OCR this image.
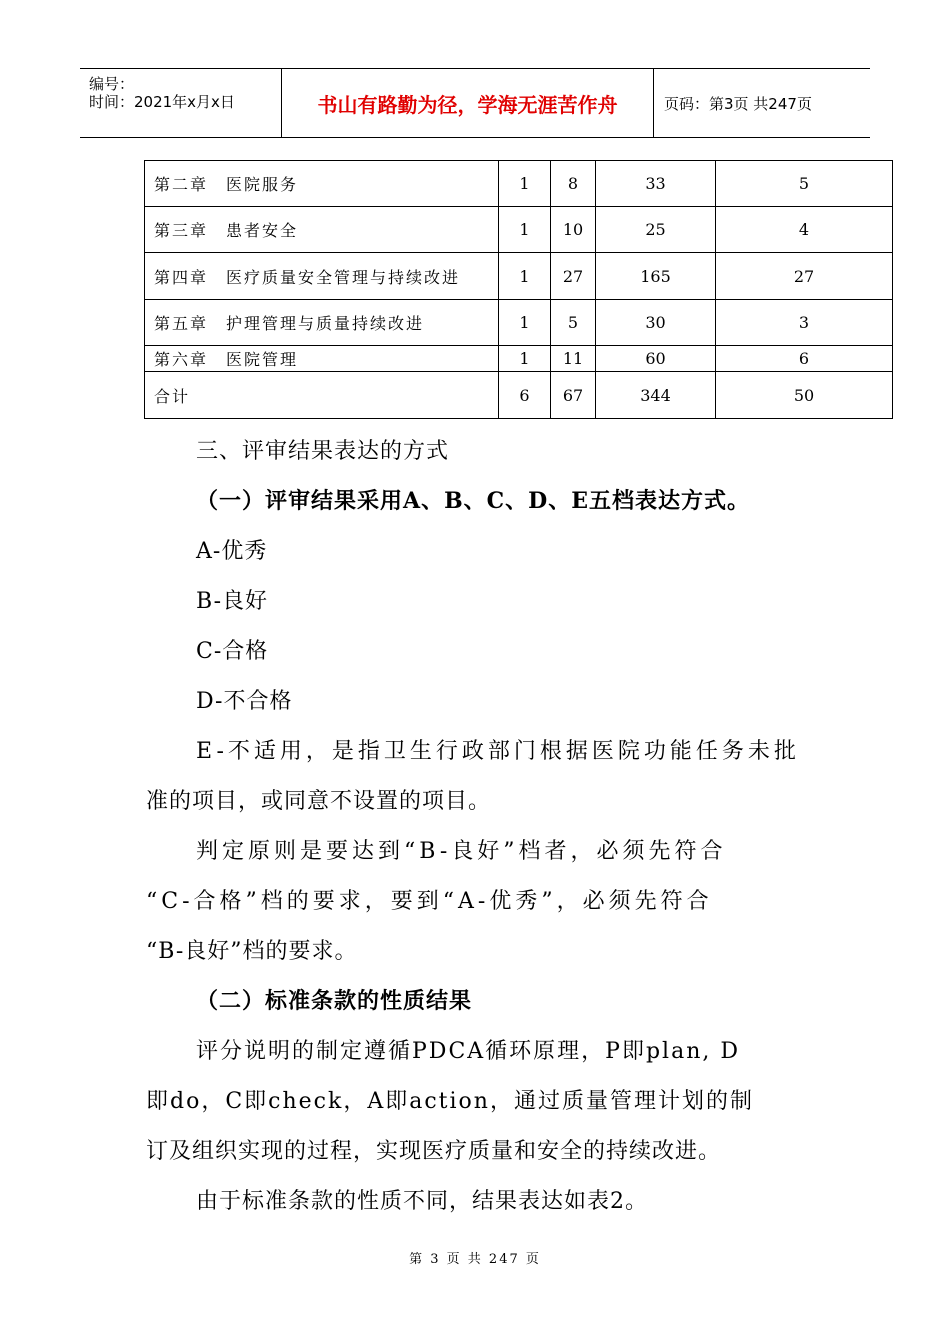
编号：
时间：2021年x月x日	书山有路勤为径，学海无涯苦作舟	页码：第3页 共247页
第二章　医院服务	1	8	33	5
第三章　患者安全	1	10	25	4
第四章　医疗质量安全管理与持续改进	1	27	165	27
第五章　护理管理与质量持续改进	1	5	30	3
第六章　医院管理	1	11	60	6
合计	6	67	344	50
三、评审结果表达的方式
（一）评审结果采用A、B、C、D、E五档表达方式。
A-优秀
B-良好
C-合格
D-不合格
E-不适用，是指卫生行政部门根据医院功能任务未批
准的项目，或同意不设置的项目。
判定原则是要达到“B-良好”档者，必须先符合
“C-合格”档的要求，要到“A-优秀”，必须先符合
“B-良好”档的要求。
（二）标准条款的性质结果
评分说明的制定遵循PDCA循环原理，P即plan, D
即do，C即check，A即action，通过质量管理计划的制
订及组织实现的过程，实现医疗质量和安全的持续改进。
由于标准条款的性质不同，结果表达如表2。
第 3 页 共 247 页
